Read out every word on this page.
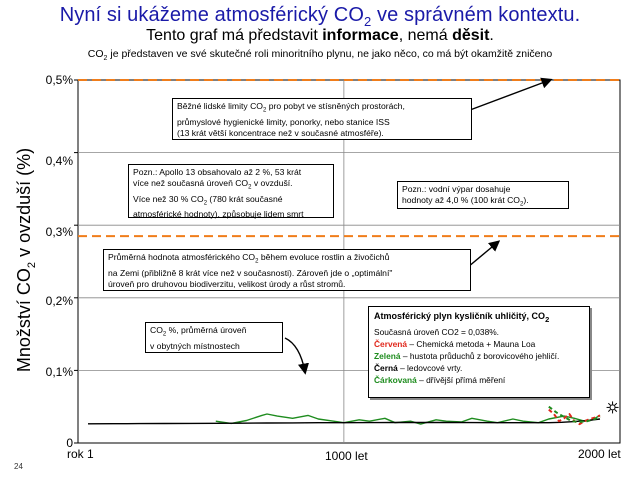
Nyní si ukážeme atmosférický $CO_2$ ve správném kontextu.
Tento graf má představit informace, nemá děsit.
$CO_2$ je představen ve své skutečné roli minoritního plynu, ne jako něco, co má být okamžitě zničeno
0
0,1%
0,2%
0,3%
0,4%
0,5%
rok 1	1000 let	2000 let
Množství $CO_2$ v ovzduší (%)
Běžné lidské limity $CO_2$ pro pobyt ve stísněných prostorách,
průmyslové hygienické limity, ponorky, nebo stanice ISS
(13 krát větší koncentrace než v současné atmosféře).
Pozn.: Apollo 13 obsahovalo až 2 %, 53 krát
více než současná úroveň $CO_2$ v ovzduší.
Více než 30 % $CO_2$ (780 krát současné
atmosférické hodnoty), způsobuje lidem smrt
Pozn.: vodní výpar dosahuje
hodnoty až 4,0 % (100 krát $CO_2$).
Průměrná hodnota atmosférického $CO_2$ během evoluce rostlin a živočichů
na Zemi (přibližně 8 krát více než v současnosti). Zároveň jde o „optimální"
úroveň pro druhovou biodiverzitu, velikost úrody a růst stromů.
$CO_2$ %, průměrná úroveň
v obytných místnostech
Atmosférický plyn kysličník uhličitý, $CO_2$
Současná úroveň CO2 = 0,038%.
Červená – Chemická metoda + Mauna Loa
Zelená – hustota průduchů z borovicového jehličí.
Černá – ledovcové vrty.
Čárkovaná – dřívější přímá měření
24
